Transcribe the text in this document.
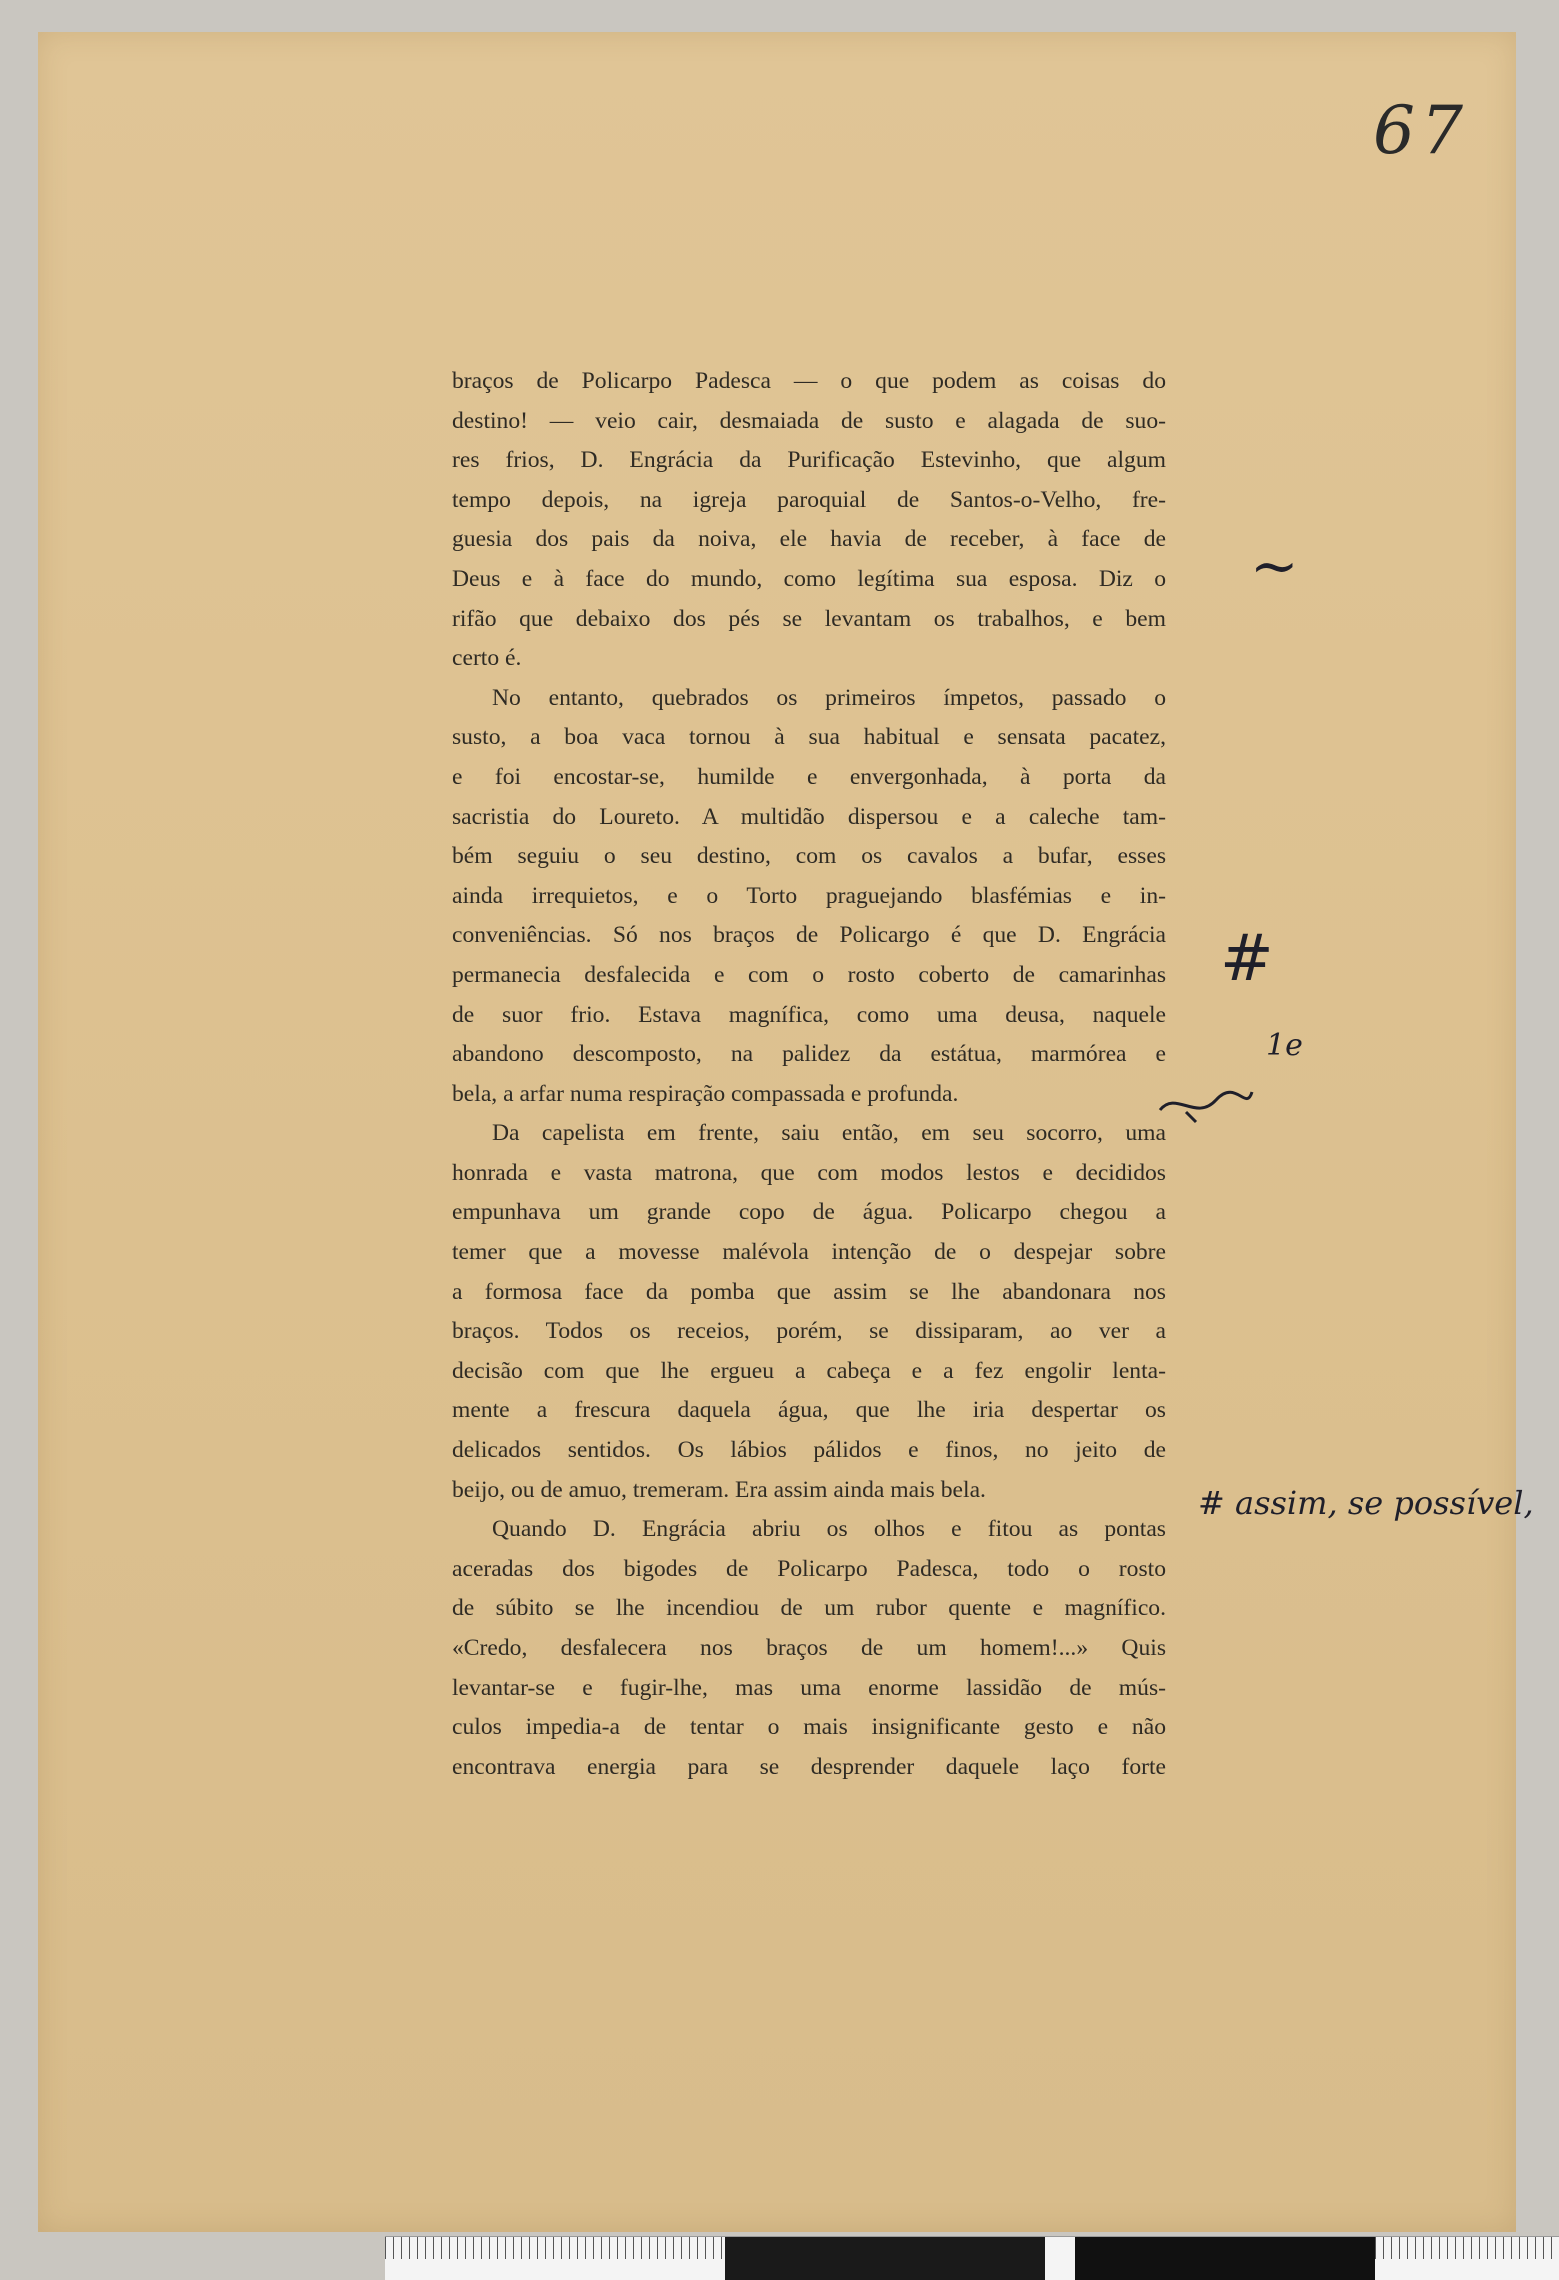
67
braços de Policarpo Padesca — o que podem as coisas do
destino! — veio cair, desmaiada de susto e alagada de suo-
res frios, D. Engrácia da Purificação Estevinho, que algum
tempo depois, na igreja paroquial de Santos-o-Velho, fre-
guesia dos pais da noiva, ele havia de receber, à face de
Deus e à face do mundo, como legítima sua esposa. Diz o
rifão que debaixo dos pés se levantam os trabalhos, e bem
certo é.
No entanto, quebrados os primeiros ímpetos, passado o
susto, a boa vaca tornou à sua habitual e sensata pacatez,
e foi encostar-se, humilde e envergonhada, à porta da
sacristia do Loureto. A multidão dispersou e a caleche tam-
bém seguiu o seu destino, com os cavalos a bufar, esses
ainda irrequietos, e o Torto praguejando blasfémias e in-
conveniências. Só nos braços de Policargo é que D. Engrácia
permanecia desfalecida e com o rosto coberto de camarinhas
de suor frio. Estava magnífica, como uma deusa, naquele
abandono descomposto, na palidez da estátua, marmórea e
bela, a arfar numa respiração compassada e profunda.
Da capelista em frente, saiu então, em seu socorro, uma
honrada e vasta matrona, que com modos lestos e decididos
empunhava um grande copo de água. Policarpo chegou a
temer que a movesse malévola intenção de o despejar sobre
a formosa face da pomba que assim se lhe abandonara nos
braços. Todos os receios, porém, se dissiparam, ao ver a
decisão com que lhe ergueu a cabeça e a fez engolir lenta-
mente a frescura daquela água, que lhe iria despertar os
delicados sentidos. Os lábios pálidos e finos, no jeito de
beijo, ou de amuo, tremeram. Era assim ainda mais bela.
Quando D. Engrácia abriu os olhos e fitou as pontas
aceradas dos bigodes de Policarpo Padesca, todo o rosto
de súbito se lhe incendiou de um rubor quente e magnífico.
«Credo, desfalecera nos braços de um homem!...» Quis
levantar-se e fugir-lhe, mas uma enorme lassidão de mús-
culos impedia-a de tentar o mais insignificante gesto e não
encontrava energia para se desprender daquele laço forte
~
#
1e
# assim, se possível,
